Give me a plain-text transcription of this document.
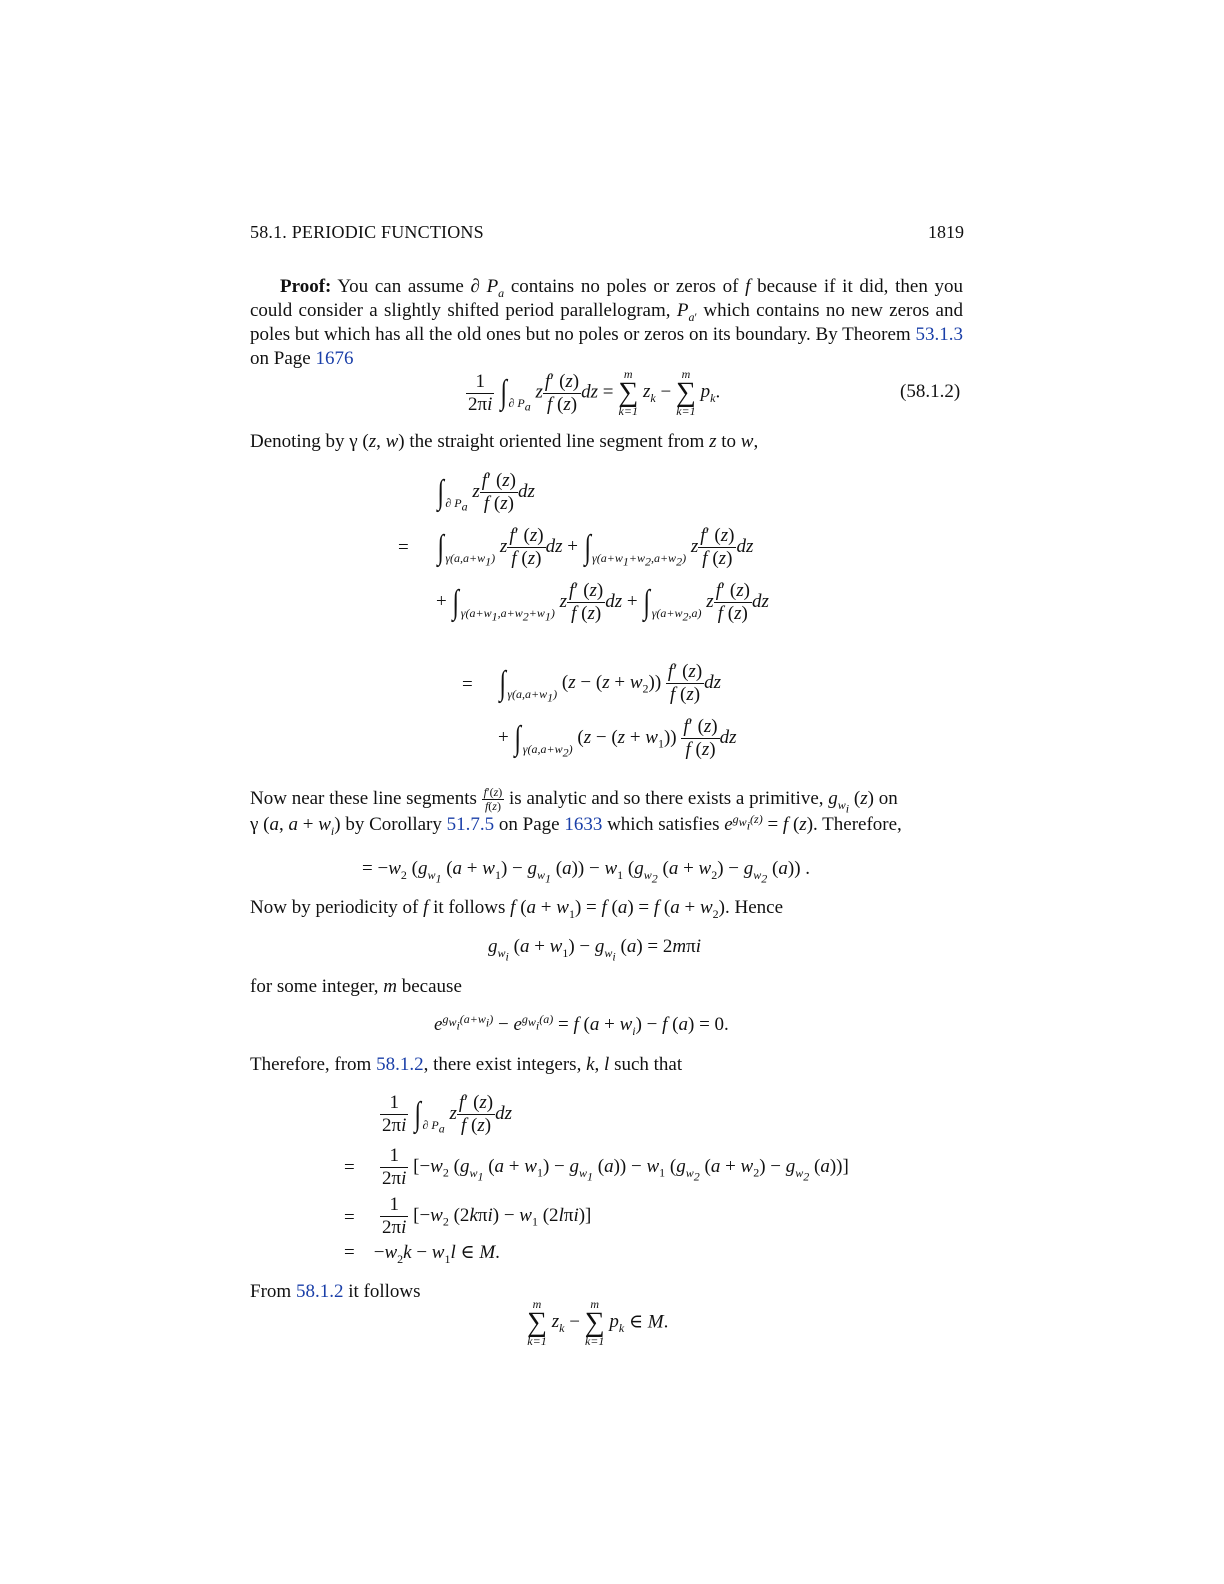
58.1. PERIODIC FUNCTIONS	1819
Proof: You can assume ∂ $P_a$ contains no poles or zeros of f because if it did, then you could consider a slightly shifted period parallelogram, $P_{a'}$ which contains no new zeros and poles but which has all the old ones but no poles or zeros on its boundary. By Theorem 53.1.3 on Page 1676
$\frac{1}{2\pi i} \int_{\partial P_a}$ z $\frac{f' (z)}{f (z)}$ dz =
m
∑
k=1
$z_k$ −
m
∑
k=1
$p_k$.	(58.1.2)
Denoting by γ (z, w) the straight oriented line segment from z to w,
$\int_{\partial P_a}$ z $\frac{f' (z)}{f (z)}$ dz
= $\int_{\gamma(a,a+w_1)}$ z $\frac{f' (z)}{f (z)}$ dz + $\int_{\gamma(a+w_1+w_2,a+w_2)}$ z $\frac{f' (z)}{f (z)}$ dz
+ $\int_{\gamma(a+w_1,a+w_2+w_1)}$ z $\frac{f' (z)}{f (z)}$ dz + $\int_{\gamma(a+w_2,a)}$ z $\frac{f' (z)}{f (z)}$ dz
= $\int_{\gamma(a,a+w_1)}$ $(z - (z + w_2)) \frac{f' (z)}{f (z)}$ dz
+ $\int_{\gamma(a,a+w_2)}$ $(z - (z + w_1)) \frac{f' (z)}{f (z)}$ dz
Now near these line segments $\frac{f'(z)}{f(z)}$ is analytic and so there exists a primitive, $g_{w_i}$ (z) on
γ (a, $a + w_i$) by Corollary 51.7.5 on Page 1633 which satisfies $e^{g_{w_i}(z)} = f$ (z). Therefore,
= $-w_2$ ($g_{w_1}$ $(a + w_1) - g_{w_1}$ $(a)) - w_1$ ($g_{w_2}$ $(a + w_2) - g_{w_2}$ (a)) .
Now by periodicity of f it follows f $(a + w_1) = f$ (a) = f $(a + w_2)$. Hence
$g_{w_i}$ $(a + w_1) - g_{w_i}$ (a) = 2mπi
for some integer, m because
$e^{g_{w_i}(a+w_i)} - e^{g_{w_i}(a)} = f$ $(a + w_i) - f$ (a) = 0.
Therefore, from 58.1.2, there exist integers, k, l such that
$\frac{1}{2\pi i} \int_{\partial P_a}$ z $\frac{f' (z)}{f (z)}$ dz
= $\frac{1}{2\pi i} [-w_2$ ($g_{w_1}$ $(a + w_1) - g_{w_1}$ $(a)) - w_1$ ($g_{w_2}$ $(a + w_2) - g_{w_2}$ (a))]
= $\frac{1}{2\pi i} [-w_2$ $(2k\pi i) - w_1$ (2lπi)]
=    $-w_2k - w_1l$ ∈ M.
From 58.1.2 it follows
m
∑
k=1
$z_k$ −
m
∑
k=1
$p_k$ ∈ M.
